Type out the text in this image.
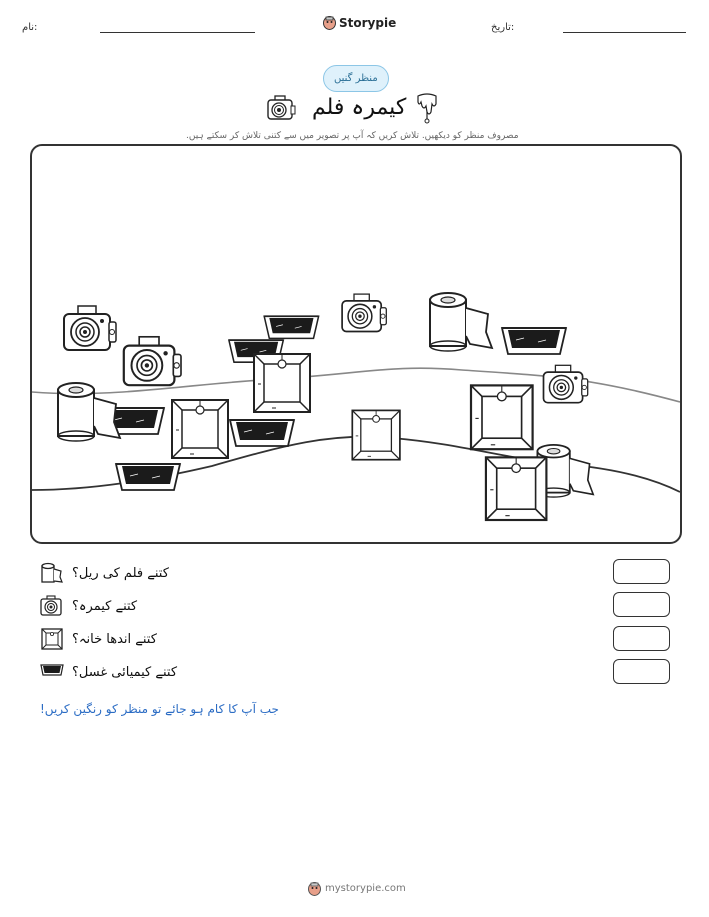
نام:	Storypie	تاریخ:
منظر گنیں
کیمرہ فلم
مصروف منظر کو دیکھیں. تلاش کریں کہ آپ پر تصویر میں سے کتنی تلاش کر سکتے ہیں.
کتنے فلم کی ریل؟
کتنے کیمرہ؟
کتنے اندھا خانہ؟
کتنے کیمیائی غسل؟
جب آپ کا کام ہو جائے تو منظر کو رنگین کریں!
mystorypie.com
